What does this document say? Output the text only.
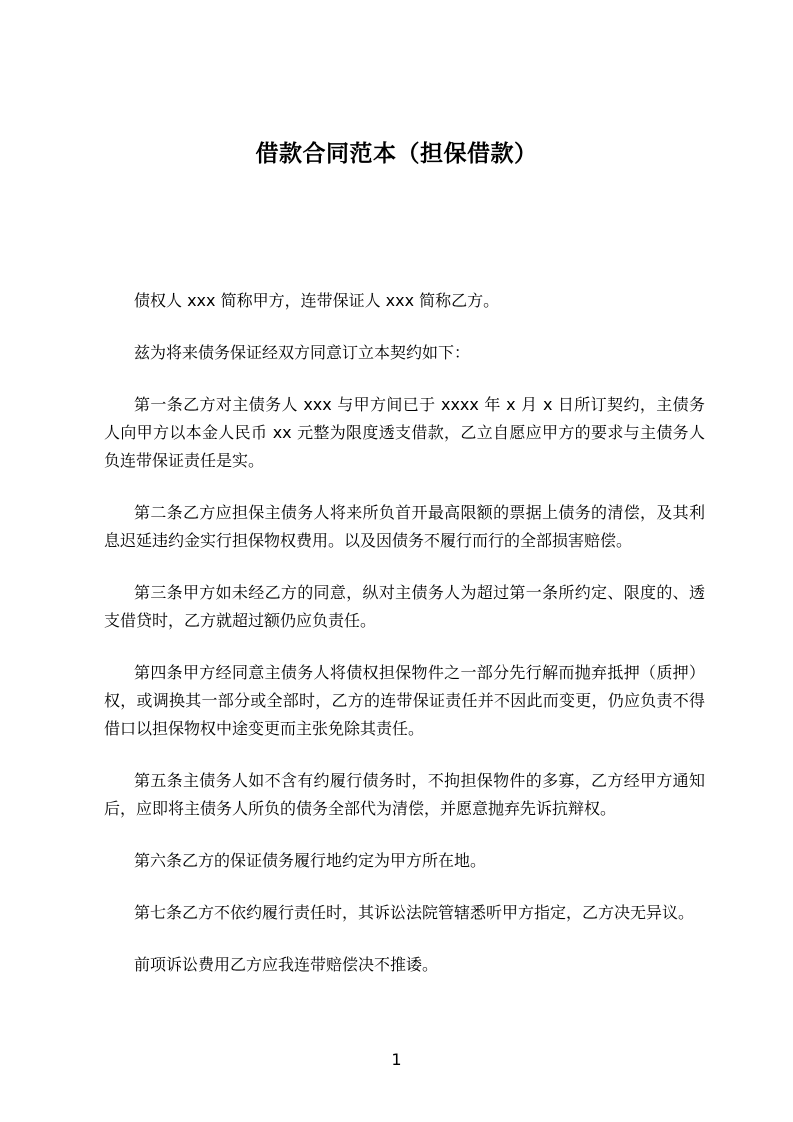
借款合同范本（担保借款）

债权人 xxx 简称甲方，连带保证人 xxx 简称乙方。

兹为将来债务保证经双方同意订立本契约如下：

第一条乙方对主债务人 xxx 与甲方间已于 xxxx 年 x 月 x 日所订契约，主债务人向甲方以本金人民币 xx 元整为限度透支借款，乙立自愿应甲方的要求与主债务人负连带保证责任是实。

第二条乙方应担保主债务人将来所负首开最高限额的票据上债务的清偿，及其利息迟延违约金实行担保物权费用。以及因债务不履行而行的全部损害赔偿。

第三条甲方如未经乙方的同意，纵对主债务人为超过第一条所约定、限度的、透支借贷时，乙方就超过额仍应负责任。

第四条甲方经同意主债务人将债权担保物件之一部分先行解而抛弃抵押（质押）权，或调换其一部分或全部时，乙方的连带保证责任并不因此而变更，仍应负责不得借口以担保物权中途变更而主张免除其责任。

第五条主债务人如不含有约履行债务时，不拘担保物件的多寡，乙方经甲方通知后，应即将主债务人所负的债务全部代为清偿，并愿意抛弃先诉抗辩权。

第六条乙方的保证债务履行地约定为甲方所在地。

第七条乙方不依约履行责任时，其诉讼法院管辖悉听甲方指定，乙方决无异议。

前项诉讼费用乙方应我连带赔偿决不推诿。

1
